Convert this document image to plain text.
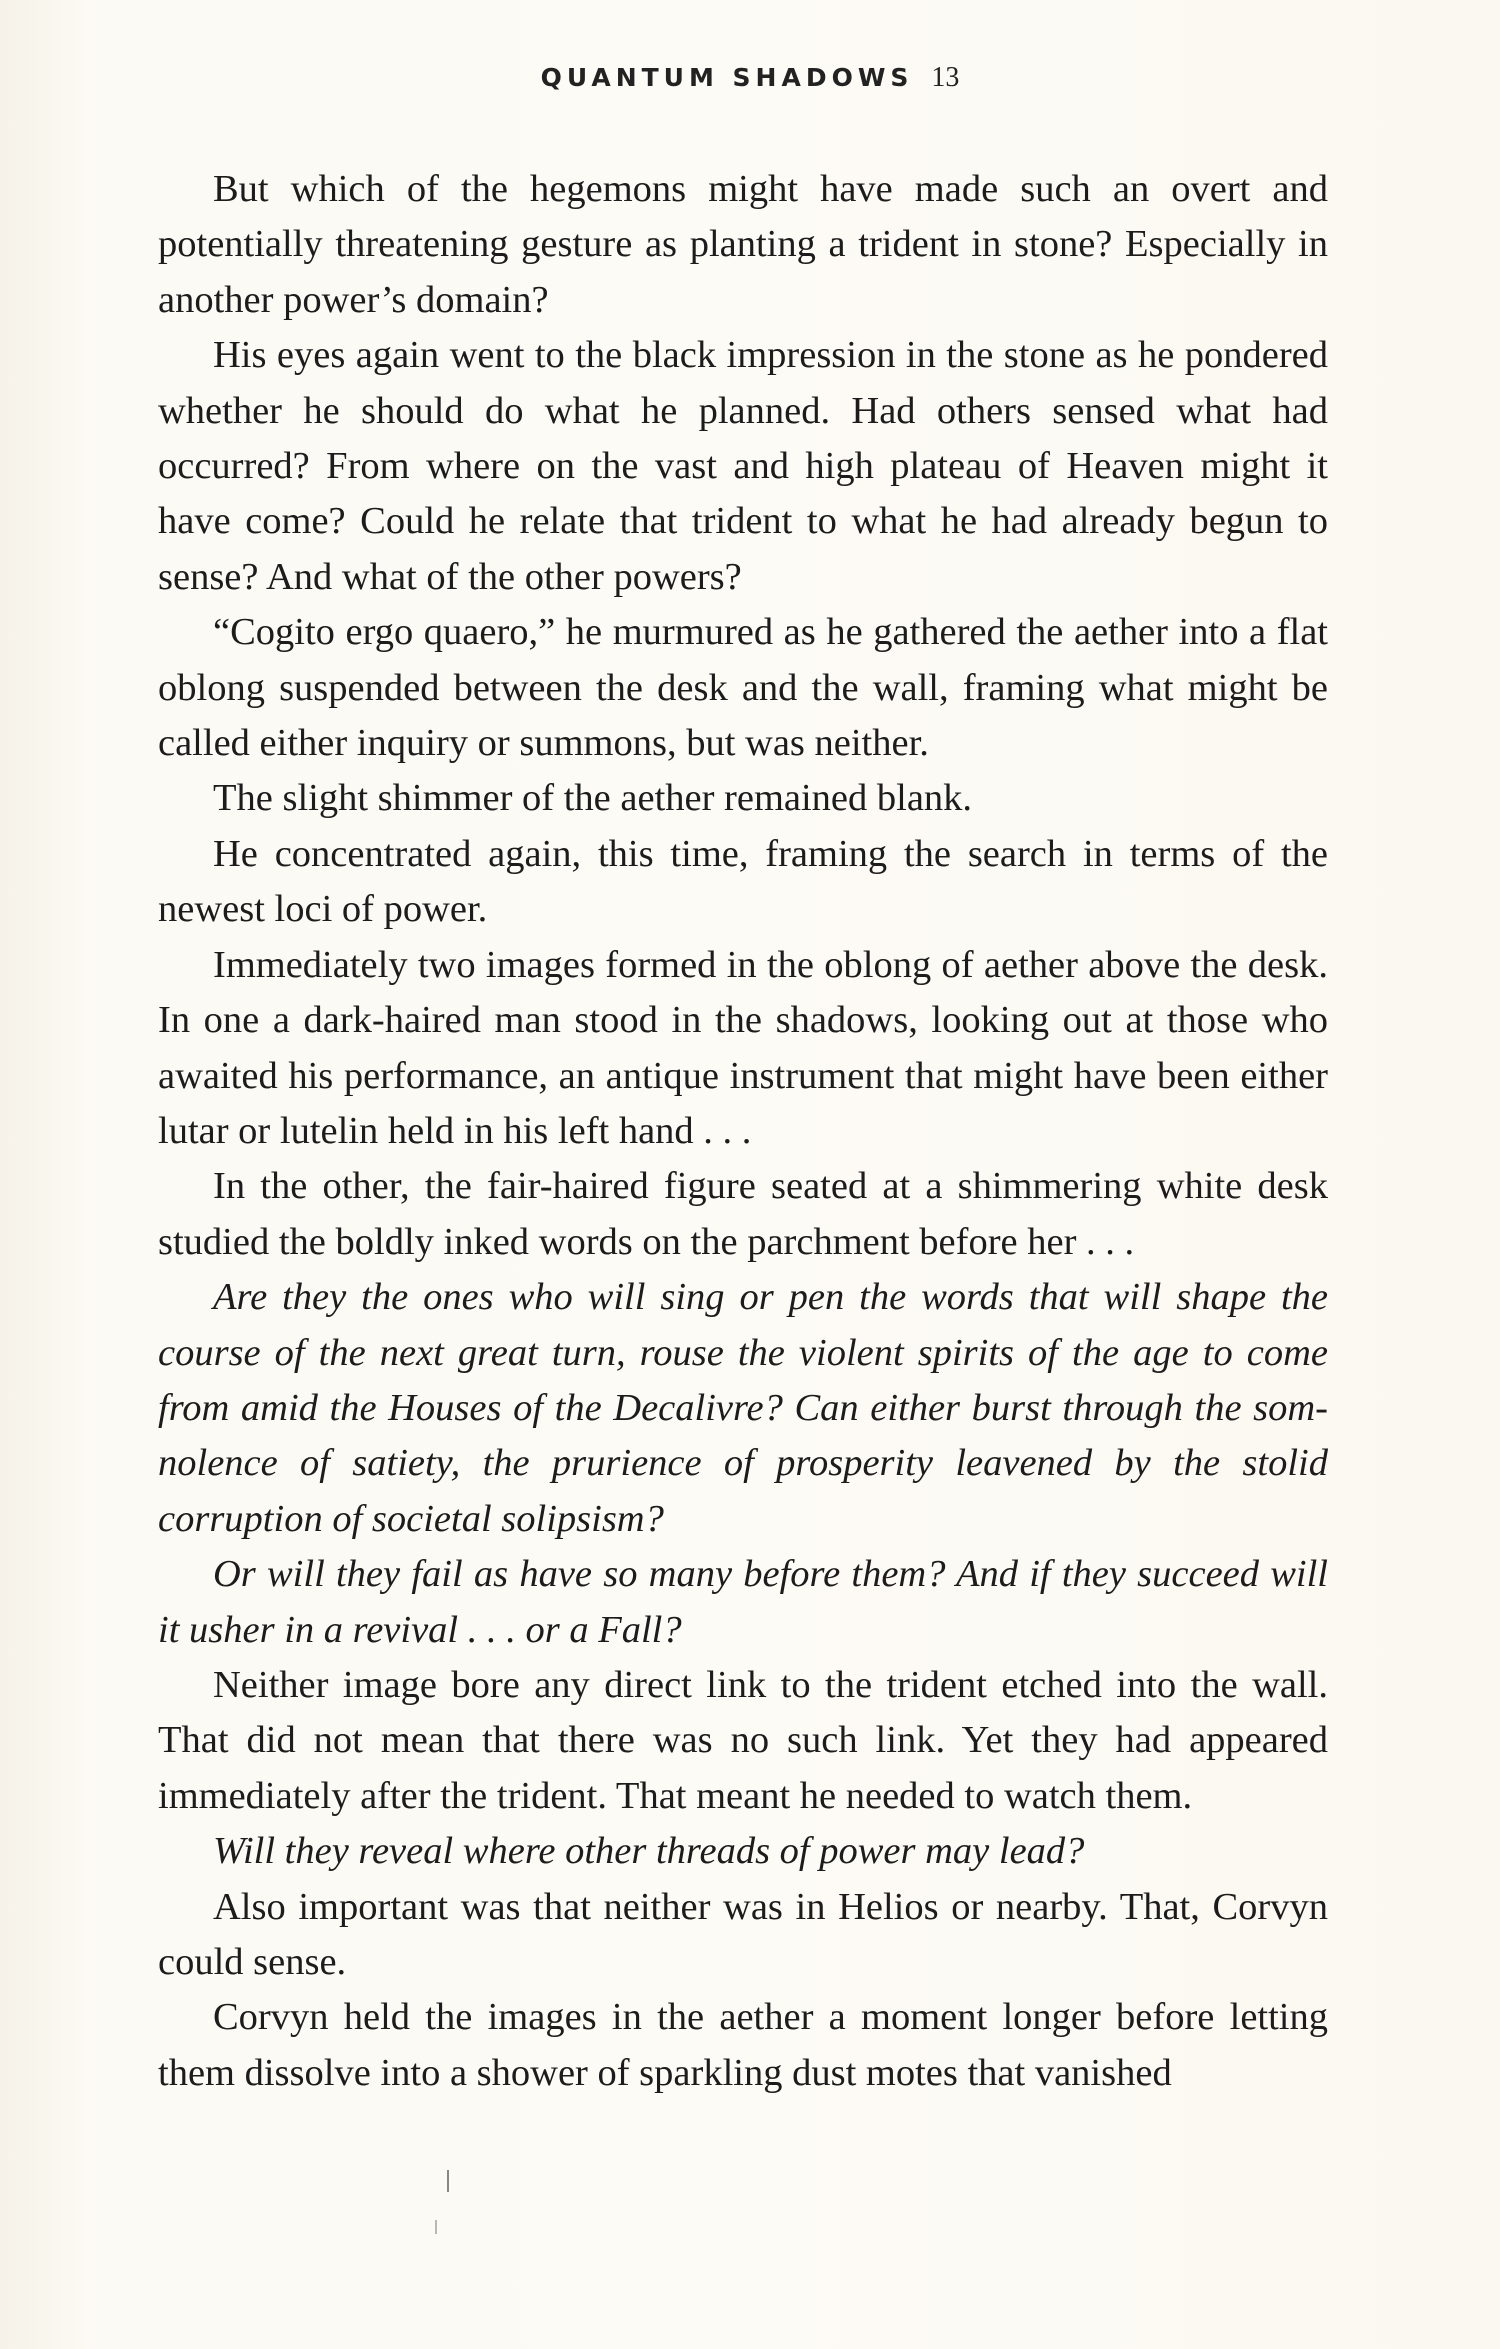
QUANTUM SHADOWS 13

But which of the hegemons might have made such an overt and potentially threatening gesture as planting a trident in stone? Especially in another power’s domain?

His eyes again went to the black impression in the stone as he pondered whether he should do what he planned. Had others sensed what had occurred? From where on the vast and high plateau of Heaven might it have come? Could he relate that trident to what he had already begun to sense? And what of the other powers?

“Cogito ergo quaero,” he murmured as he gathered the aether into a flat oblong suspended between the desk and the wall, framing what might be called either inquiry or summons, but was neither.

The slight shimmer of the aether remained blank.

He concentrated again, this time, framing the search in terms of the newest loci of power.

Immediately two images formed in the oblong of aether above the desk. In one a dark-haired man stood in the shadows, looking out at those who awaited his performance, an antique instrument that might have been either lutar or lutelin held in his left hand . . .

In the other, the fair-haired figure seated at a shimmering white desk studied the boldly inked words on the parchment before her . . .

Are they the ones who will sing or pen the words that will shape the course of the next great turn, rouse the violent spirits of the age to come from amid the Houses of the Decalivre? Can either burst through the somnolence of satiety, the prurience of prosperity leavened by the stolid corruption of societal solipsism?

Or will they fail as have so many before them? And if they succeed will it usher in a revival . . . or a Fall?

Neither image bore any direct link to the trident etched into the wall. That did not mean that there was no such link. Yet they had appeared immediately after the trident. That meant he needed to watch them.

Will they reveal where other threads of power may lead?

Also important was that neither was in Helios or nearby. That, Corvyn could sense.

Corvyn held the images in the aether a moment longer before letting them dissolve into a shower of sparkling dust motes that vanished
